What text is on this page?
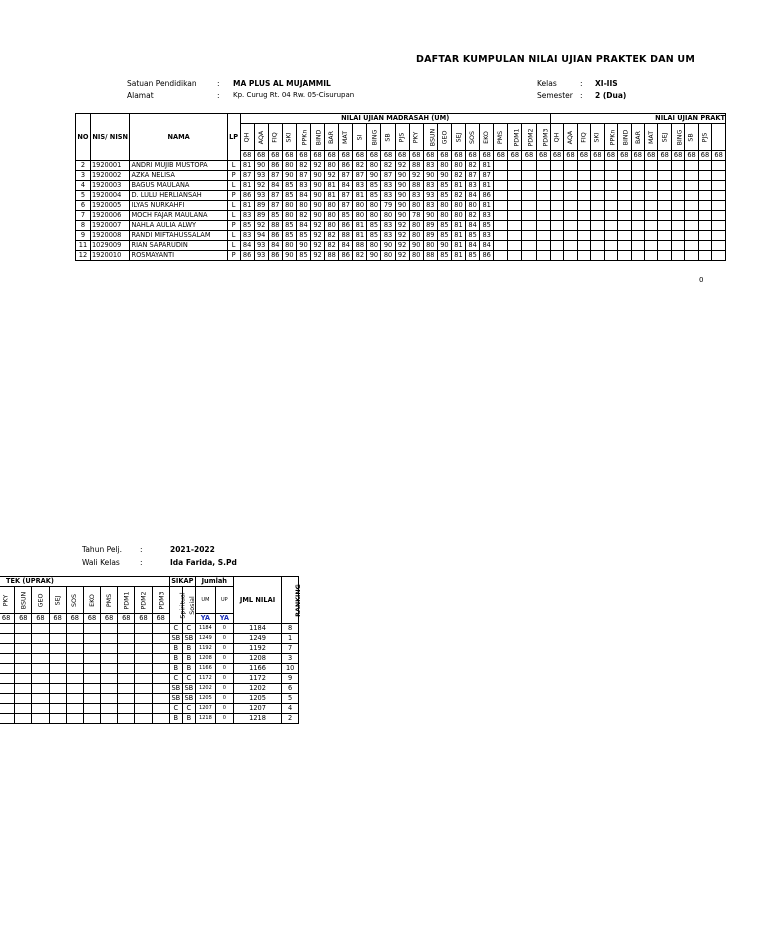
DAFTAR KUMPULAN NILAI UJIAN PRAKTEK DAN UM
Satuan Pendidikan	: MA PLUS AL MUJAMMIL
Alamat	: Kp. Curug Rt. 04 Rw. 05-Cisurupan
Kelas	: XI-IIS
Semester : 2 (Dua)
NO	NIS/ NISN	NAMA	LP	NILAI UJIAN MADRASAH (UM)																						NILAI UJIAN PRAKT												
				QH	AQA	FIQ	SKI	PPKn	BIND	BAR	MAT	SI	BING	SB	PJS	PKY	BSUN	GEO	SEJ	SOS	EKO	PMS	PDM1	PDM2	PDM3	QH	AQA	FIQ	SKI	PPKn	BIND	BAR	MAT	SEJ	BING	SB	PJS	
				68	68	68	68	68	68	68	68	68	68	68	68	68	68	68	68	68	68	68	68	68	68	68	68	68	68	68	68	68	68	68	68	68	68	68
2	1920001	ANDRI MUJIB MUSTOPA	L	81	90	86	80	82	92	80	86	82	80	82	92	88	83	80	80	82	81																	
3	1920002	AZKA NELISA	P	87	93	87	90	87	90	92	87	87	90	87	90	92	90	90	82	87	87																	
4	1920003	BAGUS MAULANA	L	81	92	84	85	83	90	81	84	83	85	83	90	88	83	85	81	83	81																	
5	1920004	D. LULU HERLIANSAH	P	86	93	87	85	84	90	81	87	81	85	83	90	83	93	85	82	84	86																	
6	1920005	ILYAS NURKAHFI	L	81	89	87	80	80	90	80	87	80	80	79	90	80	83	80	80	80	81																	
7	1920006	MOCH FAJAR MAULANA	L	83	89	85	80	82	90	80	85	80	80	80	90	78	90	80	80	82	83																	
8	1920007	NAHLA AULIA ALWY	P	85	92	88	85	84	92	80	86	81	85	83	92	80	89	85	81	84	85																	
9	1920008	RANDI MIFTAHUSSALAM	L	83	94	86	85	85	92	82	88	81	85	83	92	80	89	85	81	85	83																	
11	1029009	RIAN SAPARUDIN	L	84	93	84	80	90	92	82	84	88	80	90	92	90	80	90	81	84	84																	
12	1920010	ROSMAYANTI	P	86	93	86	90	85	92	88	86	82	90	80	92	80	88	85	81	85	86																	
0
Tahun Pelj. :	2021-2022
Wali Kelas	:	Ida Farida, S.Pd
TEK (UPRAK)										SIKAP		Jumlah		JML NILAI	RANKING
PKY	BSUN	GEO	SEJ	SOS	EKO	PMS	PDM1	PDM2	PDM3	Spiritual	Sosial	UM	UP		
68	68	68	68	68	68	68	68	68	68			YA	YA		
										C	C	1184	0	1184	8
										SB	SB	1249	0	1249	1
										B	B	1192	0	1192	7
										B	B	1208	0	1208	3
										B	B	1166	0	1166	10
										C	C	1172	0	1172	9
										SB	SB	1202	0	1202	6
										SB	SB	1205	0	1205	5
										C	C	1207	0	1207	4
										B	B	1218	0	1218	2
